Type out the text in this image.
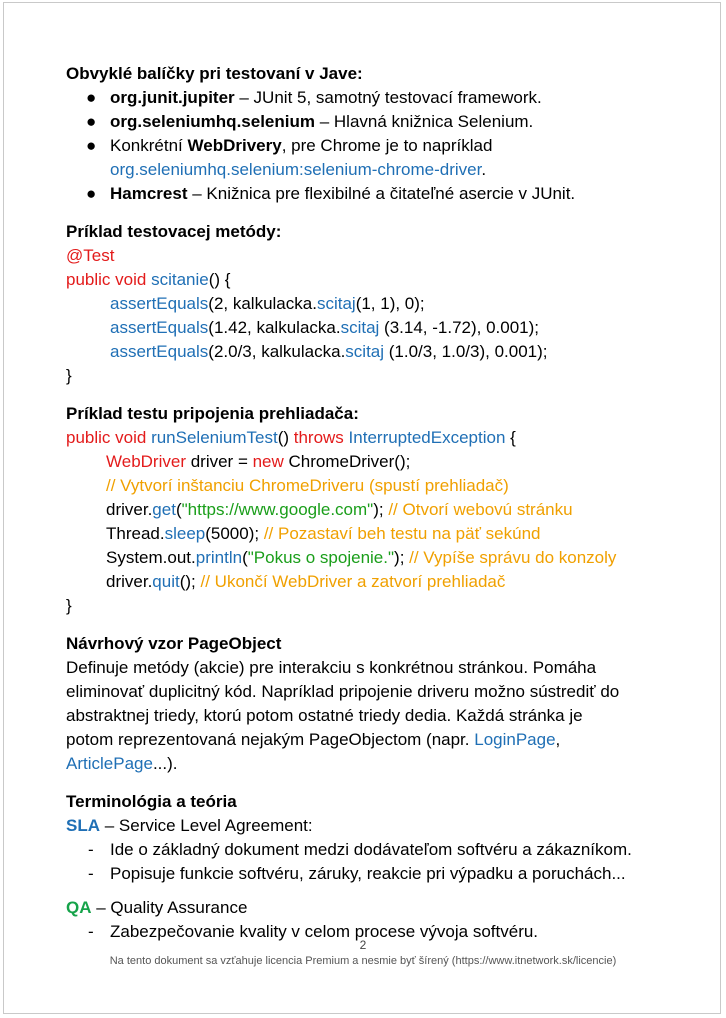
Obvyklé balíčky pri testovaní v Jave:
● org.junit.jupiter – JUnit 5, samotný testovací framework.
● org.seleniumhq.selenium – Hlavná knižnica Selenium.
● Konkrétní WebDrivery, pre Chrome je to napríklad
org.seleniumhq.selenium:selenium-chrome-driver.
● Hamcrest – Knižnica pre flexibilné a čitateľné asercie v JUnit.
Príklad testovacej metódy:
@Test
public void scitanie() {
assertEquals(2, kalkulacka.scitaj(1, 1), 0);
assertEquals(1.42, kalkulacka.scitaj (3.14, -1.72), 0.001);
assertEquals(2.0/3, kalkulacka.scitaj (1.0/3, 1.0/3), 0.001);
}
Príklad testu pripojenia prehliadača:
public void runSeleniumTest() throws InterruptedException {
WebDriver driver = new ChromeDriver();
// Vytvorí inštanciu ChromeDriveru (spustí prehliadač)
driver.get("https://www.google.com"); // Otvorí webovú stránku
Thread.sleep(5000); // Pozastaví beh testu na päť sekúnd
System.out.println("Pokus o spojenie."); // Vypíše správu do konzoly
driver.quit(); // Ukončí WebDriver a zatvorí prehliadač
}
Návrhový vzor PageObject
Definuje metódy (akcie) pre interakciu s konkrétnou stránkou. Pomáha
eliminovať duplicitný kód. Napríklad pripojenie driveru možno sústrediť do
abstraktnej triedy, ktorú potom ostatné triedy dedia. Každá stránka je
potom reprezentovaná nejakým PageObjectom (napr. LoginPage,
ArticlePage...).
Terminológia a teória
SLA – Service Level Agreement:
- Ide o základný dokument medzi dodávateľom softvéru a zákazníkom.
- Popisuje funkcie softvéru, záruky, reakcie pri výpadku a poruchách...
QA – Quality Assurance
- Zabezpečovanie kvality v celom procese vývoja softvéru.
2
Na tento dokument sa vzťahuje licencia Premium a nesmie byť šírený (https://www.itnetwork.sk/licencie)
